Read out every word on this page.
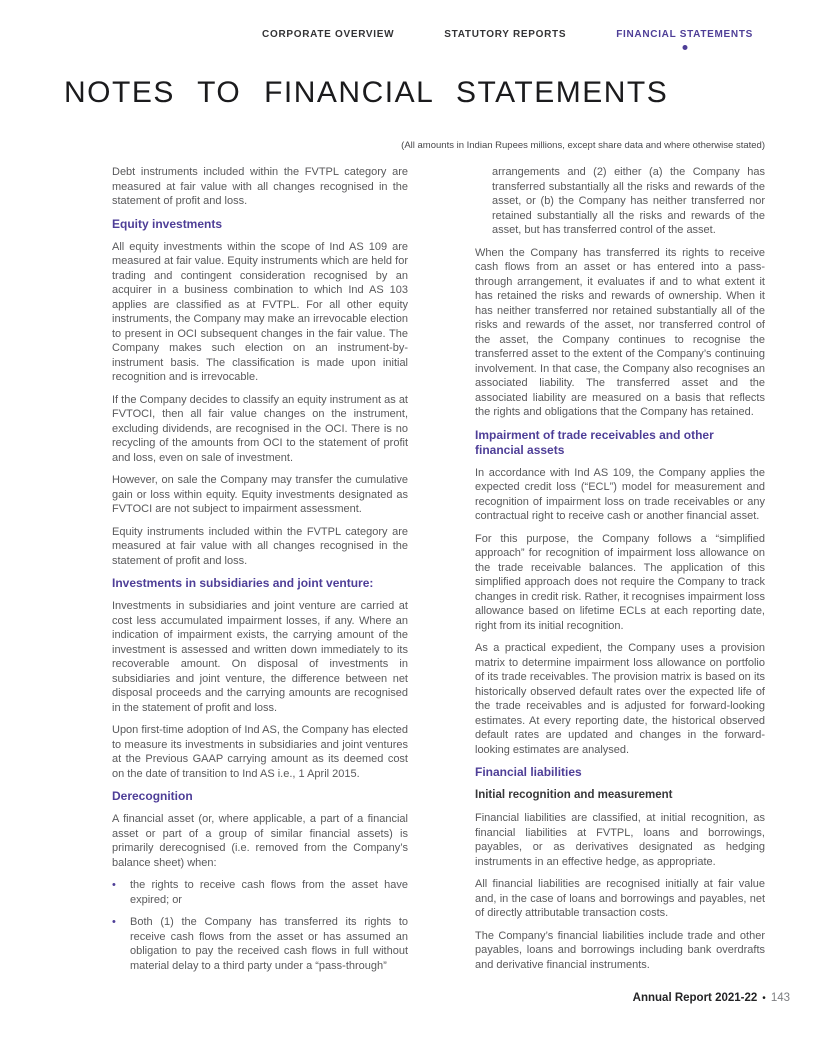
CORPORATE OVERVIEW	STATUTORY REPORTS	FINANCIAL STATEMENTS
NOTES TO FINANCIAL STATEMENTS
(All amounts in Indian Rupees millions, except share data and where otherwise stated)
Debt instruments included within the FVTPL category are measured at fair value with all changes recognised in the statement of profit and loss.
Equity investments
All equity investments within the scope of Ind AS 109 are measured at fair value. Equity instruments which are held for trading and contingent consideration recognised by an acquirer in a business combination to which Ind AS 103 applies are classified as at FVTPL. For all other equity instruments, the Company may make an irrevocable election to present in OCI subsequent changes in the fair value. The Company makes such election on an instrument-by-instrument basis. The classification is made upon initial recognition and is irrevocable.
If the Company decides to classify an equity instrument as at FVTOCI, then all fair value changes on the instrument, excluding dividends, are recognised in the OCI. There is no recycling of the amounts from OCI to the statement of profit and loss, even on sale of investment.
However, on sale the Company may transfer the cumulative gain or loss within equity. Equity investments designated as FVTOCI are not subject to impairment assessment.
Equity instruments included within the FVTPL category are measured at fair value with all changes recognised in the statement of profit and loss.
Investments in subsidiaries and joint venture:
Investments in subsidiaries and joint venture are carried at cost less accumulated impairment losses, if any. Where an indication of impairment exists, the carrying amount of the investment is assessed and written down immediately to its recoverable amount. On disposal of investments in subsidiaries and joint venture, the difference between net disposal proceeds and the carrying amounts are recognised in the statement of profit and loss.
Upon first-time adoption of Ind AS, the Company has elected to measure its investments in subsidiaries and joint ventures at the Previous GAAP carrying amount as its deemed cost on the date of transition to Ind AS i.e., 1 April 2015.
Derecognition
A financial asset (or, where applicable, a part of a financial asset or part of a group of similar financial assets) is primarily derecognised (i.e. removed from the Company’s balance sheet) when:
•	the rights to receive cash flows from the asset have expired; or
•	Both (1) the Company has transferred its rights to receive cash flows from the asset or has assumed an obligation to pay the received cash flows in full without material delay to a third party under a “pass-through”
arrangements and (2) either (a) the Company has transferred substantially all the risks and rewards of the asset, or (b) the Company has neither transferred nor retained substantially all the risks and rewards of the asset, but has transferred control of the asset.
When the Company has transferred its rights to receive cash flows from an asset or has entered into a pass-through arrangement, it evaluates if and to what extent it has retained the risks and rewards of ownership. When it has neither transferred nor retained substantially all of the risks and rewards of the asset, nor transferred control of the asset, the Company continues to recognise the transferred asset to the extent of the Company’s continuing involvement. In that case, the Company also recognises an associated liability. The transferred asset and the associated liability are measured on a basis that reflects the rights and obligations that the Company has retained.
Impairment of trade receivables and other financial assets
In accordance with Ind AS 109, the Company applies the expected credit loss (“ECL”) model for measurement and recognition of impairment loss on trade receivables or any contractual right to receive cash or another financial asset.
For this purpose, the Company follows a “simplified approach” for recognition of impairment loss allowance on the trade receivable balances. The application of this simplified approach does not require the Company to track changes in credit risk. Rather, it recognises impairment loss allowance based on lifetime ECLs at each reporting date, right from its initial recognition.
As a practical expedient, the Company uses a provision matrix to determine impairment loss allowance on portfolio of its trade receivables. The provision matrix is based on its historically observed default rates over the expected life of the trade receivables and is adjusted for forward-looking estimates. At every reporting date, the historical observed default rates are updated and changes in the forward-looking estimates are analysed.
Financial liabilities
Initial recognition and measurement
Financial liabilities are classified, at initial recognition, as financial liabilities at FVTPL, loans and borrowings, payables, or as derivatives designated as hedging instruments in an effective hedge, as appropriate.
All financial liabilities are recognised initially at fair value and, in the case of loans and borrowings and payables, net of directly attributable transaction costs.
The Company’s financial liabilities include trade and other payables, loans and borrowings including bank overdrafts and derivative financial instruments.
Annual Report 2021-22 • 143
